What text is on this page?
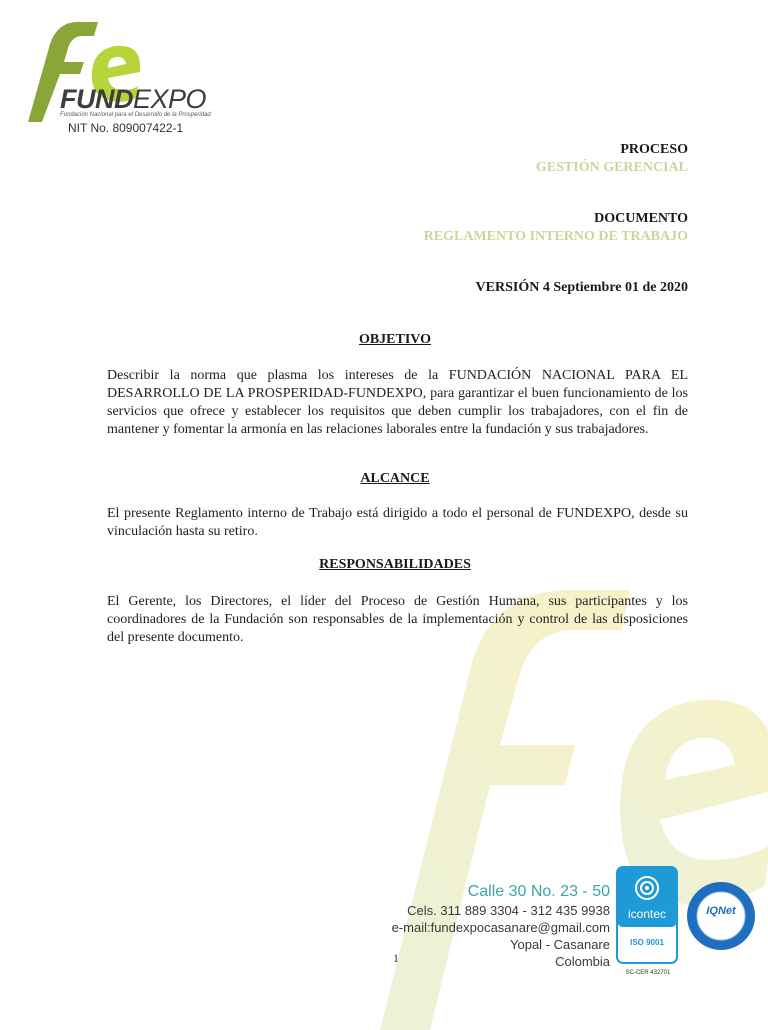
FUNDEXPO
Fundación Nacional para el Desarrollo de la Prosperidad
NIT No. 809007422-1
PROCESO
GESTIÓN GERENCIAL
DOCUMENTO
REGLAMENTO INTERNO DE TRABAJO
VERSIÓN 4 Septiembre 01 de 2020
OBJETIVO
Describir la norma que plasma los intereses de la FUNDACIÓN NACIONAL PARA EL DESARROLLO DE LA PROSPERIDAD-FUNDEXPO, para garantizar el buen funcionamiento de los servicios que ofrece y establecer los requisitos que deben cumplir los trabajadores, con el fin de mantener y fomentar la armonía en las relaciones laborales entre la fundación y sus trabajadores.
ALCANCE
El presente Reglamento interno de Trabajo está dirigido a todo el personal de FUNDEXPO, desde su vinculación hasta su retiro.
RESPONSABILIDADES
El Gerente, los Directores, el líder del Proceso de Gestión Humana, sus participantes y los coordinadores de la Fundación son responsables de la implementación y control de las disposiciones del presente documento.
Calle 30 No. 23 - 50
Cels. 311 889 3304 - 312 435 9938
e-mail:fundexpocasanare@gmail.com
Yopal - Casanare
Colombia
1
icontec
ISO 9001
SC-CER 432701
IQNet
